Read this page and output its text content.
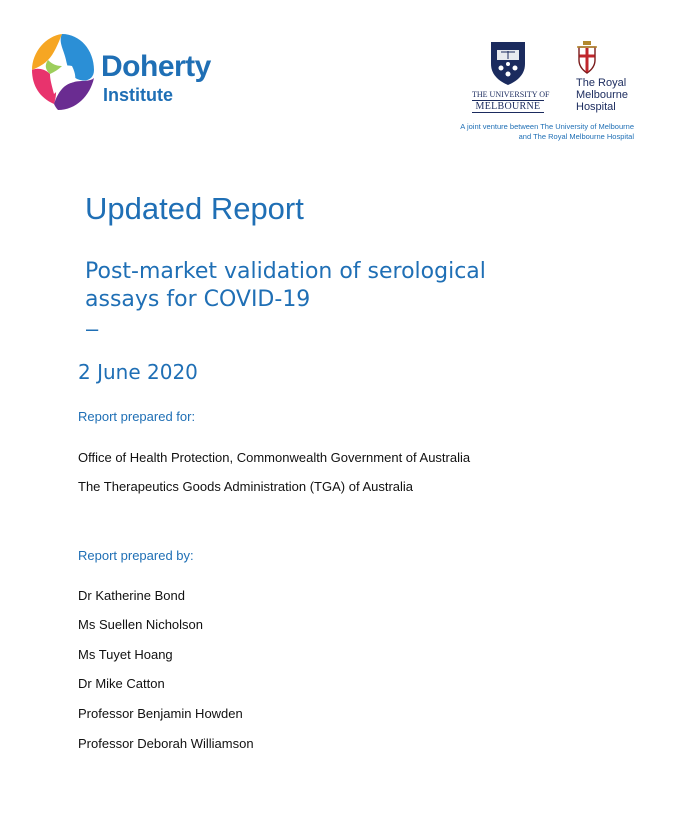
Doherty
Institute	THE UNIVERSITY OF
MELBOURNE
The Royal
Melbourne
Hospital
A joint venture between The University of Melbourne
and The Royal Melbourne Hospital
Updated Report
Post-market validation of serological
assays for COVID-19
–
2 June 2020
Report prepared for:
Office of Health Protection, Commonwealth Government of Australia
The Therapeutics Goods Administration (TGA) of Australia
Report prepared by:
Dr Katherine Bond
Ms Suellen Nicholson
Ms Tuyet Hoang
Dr Mike Catton
Professor Benjamin Howden
Professor Deborah Williamson
